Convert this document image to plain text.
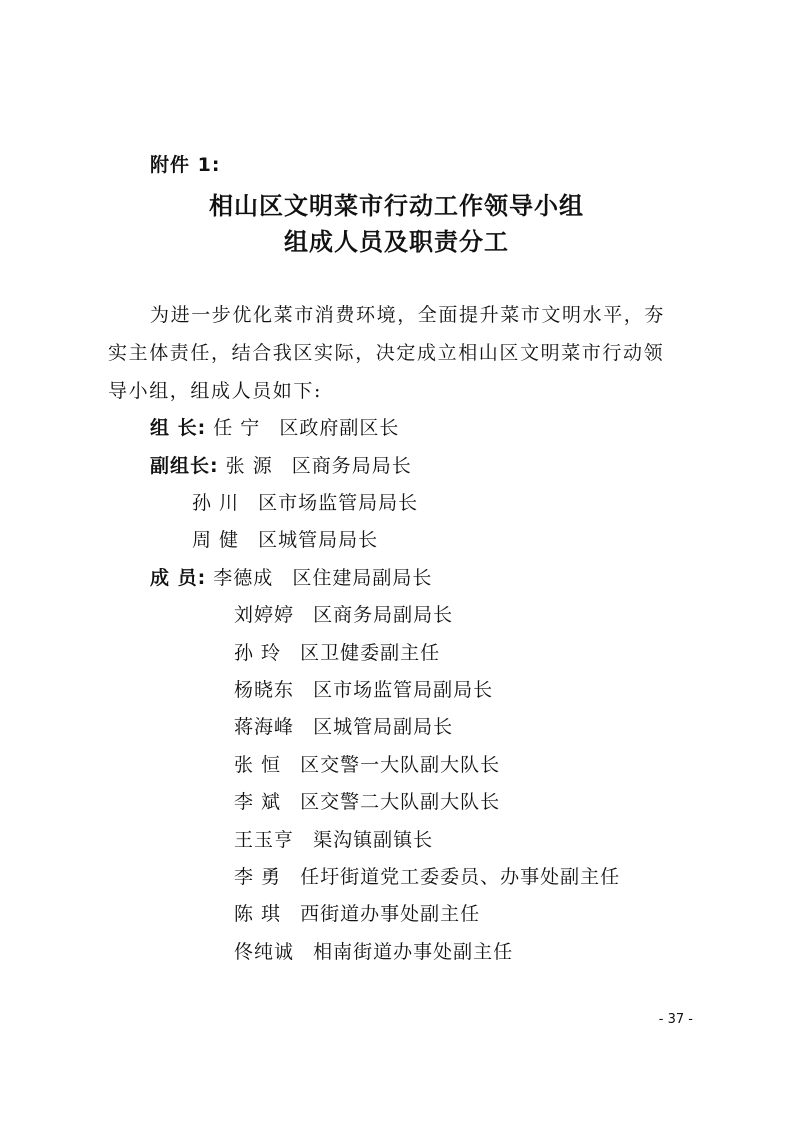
附件 1:
相山区文明菜市行动工作领导小组
组成人员及职责分工
为进一步优化菜市消费环境，全面提升菜市文明水平，夯
实主体责任，结合我区实际，决定成立相山区文明菜市行动领
导小组，组成人员如下:
组 长: 任 宁 区政府副区长
副组长: 张 源 区商务局局长
孙 川 区市场监管局局长
周 健 区城管局局长
成 员: 李德成 区住建局副局长
刘婷婷 区商务局副局长
孙 玲 区卫健委副主任
杨晓东 区市场监管局副局长
蒋海峰 区城管局副局长
张 恒 区交警一大队副大队长
李 斌 区交警二大队副大队长
王玉亨 渠沟镇副镇长
李 勇 任圩街道党工委委员、办事处副主任
陈 琪 西街道办事处副主任
佟纯诚 相南街道办事处副主任
- 37 -
